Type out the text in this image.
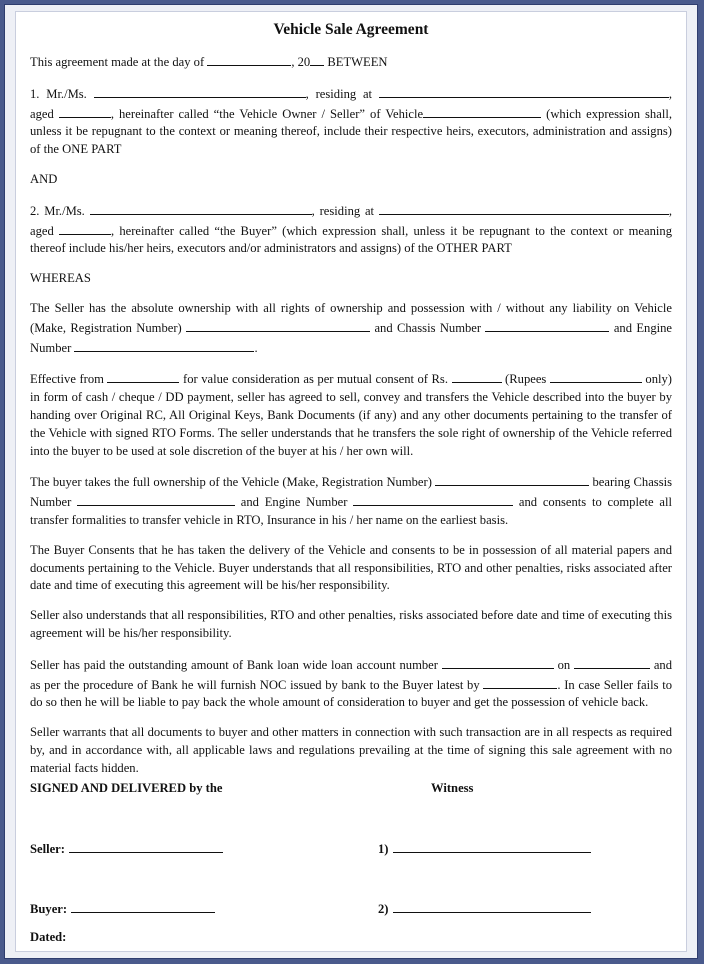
Vehicle Sale Agreement

This agreement made at the day of	, 20 BETWEEN

1. Mr./Ms.	, residing at	, aged	, hereinafter called “the Vehicle Owner / Seller” of Vehicle	(which expression shall, unless it be repugnant to the context or meaning thereof, include their respective heirs, executors, administration and assigns) of the ONE PART

AND

2. Mr./Ms.	, residing at	, aged	, hereinafter called “the Buyer” (which expression shall, unless it be repugnant to the context or meaning thereof include his/her heirs, executors and/or administrators and assigns) of the OTHER PART

WHEREAS

The Seller has the absolute ownership with all rights of ownership and possession with / without any liability on Vehicle (Make, Registration Number)	and Chassis Number	and Engine Number	.

Effective from	for value consideration as per mutual consent of Rs.	(Rupees	only) in form of cash / cheque / DD payment, seller has agreed to sell, convey and transfers the Vehicle described into the buyer by handing over Original RC, All Original Keys, Bank Documents (if any) and any other documents pertaining to the transfer of the Vehicle with signed RTO Forms. The seller understands that he transfers the sole right of ownership of the Vehicle referred into the buyer to be used at sole discretion of the buyer at his / her own will.

The buyer takes the full ownership of the Vehicle (Make, Registration Number)	bearing Chassis Number	and Engine Number	and consents to complete all transfer formalities to transfer vehicle in RTO, Insurance in his / her name on the earliest basis.

The Buyer Consents that he has taken the delivery of the Vehicle and consents to be in possession of all material papers and documents pertaining to the Vehicle. Buyer understands that all responsibilities, RTO and other penalties, risks associated after date and time of executing this agreement will be his/her responsibility.

Seller also understands that all responsibilities, RTO and other penalties, risks associated before date and time of executing this agreement will be his/her responsibility.

Seller has paid the outstanding amount of Bank loan wide loan account number	on	and as per the procedure of Bank he will furnish NOC issued by bank to the Buyer latest by	. In case Seller fails to do so then he will be liable to pay back the whole amount of consideration to buyer and get the possession of vehicle back.

Seller warrants that all documents to buyer and other matters in connection with such transaction are in all respects as required by, and in accordance with, all applicable laws and regulations prevailing at the time of signing this sale agreement with no material facts hidden.

SIGNED AND DELIVERED by the	Witness
Seller:	1)
Buyer:	2)
Dated:
